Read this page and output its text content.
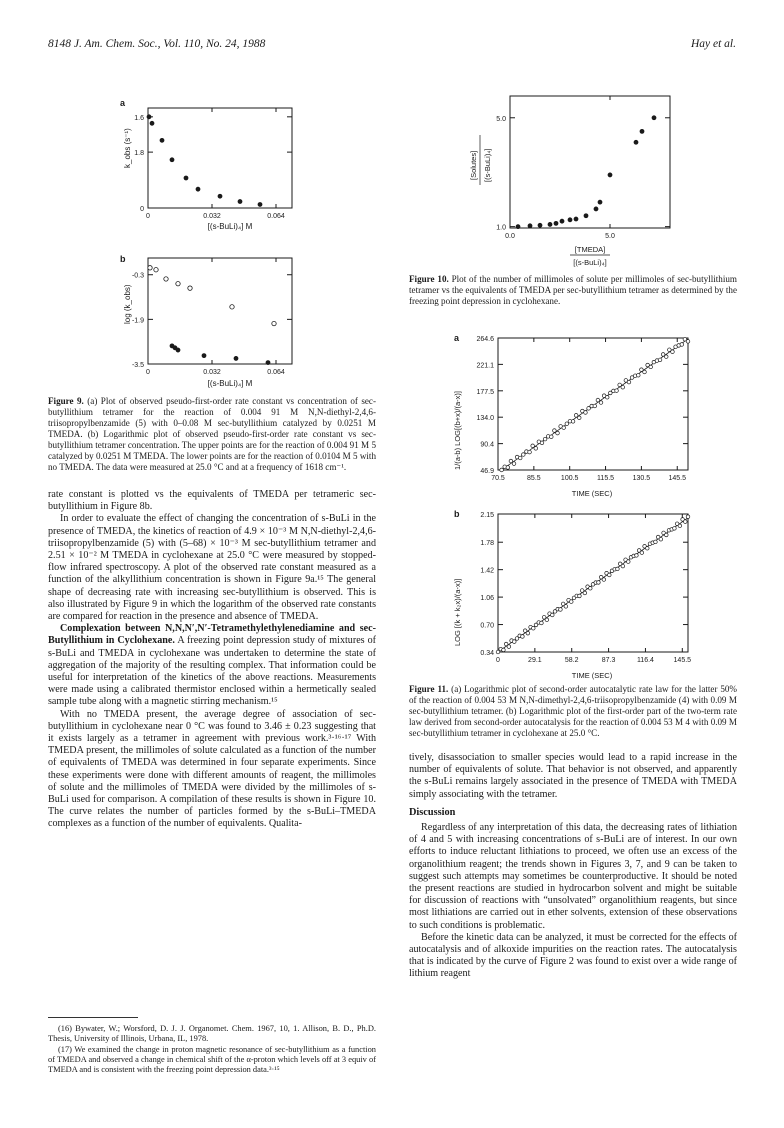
8148 J. Am. Chem. Soc., Vol. 110, No. 24, 1988	Hay et al.
a
k_obs (s⁻¹)
[(s-BuLi)₄] M
0	0.032	0.064
0
1.8
1.6
b
log (k_obs)
[(s-BuLi)₄] M
0	0.032	0.064
-0.3
-1.9
-3.5
Figure 9. (a) Plot of observed pseudo-first-order rate constant vs concentration of sec-butyllithium tetramer for the reaction of 0.004 91 M N,N-diethyl-2,4,6-triisopropylbenzamide (5) with 0–0.08 M sec-butyllithium catalyzed by 0.0251 M TMEDA. (b) Logarithmic plot of observed pseudo-first-order rate constant vs sec-butyllithium tetramer concentration. The upper points are for the reaction of 0.004 91 M 5 catalyzed by 0.0251 M TMEDA. The lower points are for the reaction of 0.0104 M 5 with no TMEDA. The data were measured at 25.0 °C and at a frequency of 1618 cm⁻¹.

rate constant is plotted vs the equivalents of TMEDA per tetrameric sec-butyllithium in Figure 8b.

In order to evaluate the effect of changing the concentration of s-BuLi in the presence of TMEDA, the kinetics of reaction of 4.9 × 10⁻³ M N,N-diethyl-2,4,6-triisopropylbenzamide (5) with (5–68) × 10⁻³ M sec-butyllithium tetramer and 2.51 × 10⁻² M TMEDA in cyclohexane at 25.0 °C were measured by stopped-flow infrared spectroscopy. A plot of the observed rate constant measured as a function of the alkyllithium concentration is shown in Figure 9a.¹⁵ The general shape of decreasing rate with increasing sec-butyllithium is observed. This is also illustrated by Figure 9 in which the logarithm of the observed rate constants are compared for reaction in the presence and absence of TMEDA.

Complexation between N,N,N′,N′-Tetramethylethylenediamine and sec-Butyllithium in Cyclohexane. A freezing point depression study of mixtures of s-BuLi and TMEDA in cyclohexane was undertaken to determine the state of aggregation of the majority of the resulting complex. That information could be useful for interpretation of the kinetics of the above reactions. Measurements were made using a calibrated thermistor enclosed within a hermetically sealed sample tube along with a magnetic stirring mechanism.¹⁵

With no TMEDA present, the average degree of association of sec-butyllithium in cyclohexane near 0 °C was found to 3.46 ± 0.23 suggesting that it exists largely as a tetramer in agreement with previous work.³·¹⁶·¹⁷ With TMEDA present, the millimoles of solute calculated as a function of the number of equivalents of TMEDA was determined in four separate experiments. Since these experiments were done with different amounts of reagent, the millimoles of solute and the millimoles of TMEDA were divided by the millimoles of s-BuLi used for comparison. A compilation of these results is shown in Figure 10. The curve relates the number of particles formed by the s-BuLi–TMEDA complexes as a function of the number of equivalents. Qualita-

(16) Bywater, W.; Worsford, D. J. J. Organomet. Chem. 1967, 10, 1. Allison, B. D., Ph.D. Thesis, University of Illinois, Urbana, IL, 1978.

(17) We examined the change in proton magnetic resonance of sec-butyllithium as a function of TMEDA and observed a change in chemical shift of the α-proton which levels off at 3 equiv of TMEDA and is consistent with the freezing point depression data.³·¹⁵

[Solutes] [(s-BuLi)₄]
[TMEDA]
[(s-BuLi)₄]
0.0	5.0
1.0
5.0
Figure 10. Plot of the number of millimoles of solute per millimoles of sec-butyllithium tetramer vs the equivalents of TMEDA per sec-butyllithium tetramer as determined by the freezing point depression in cyclohexane.
a
1/(a-b) LOG[(b+x)/(a-x)]
TIME (SEC)
70.5	85.5	100.5	115.5	130.5	145.5
46.9
90.4
134.0
177.5
221.1
264.6
b
LOG [(k + k₂x)/(a-x)]
TIME (SEC)
0	29.1	58.2	87.3	116.4	145.5
0.34
0.70
1.06
1.42
1.78
2.15
Figure 11. (a) Logarithmic plot of second-order autocatalytic rate law for the latter 50% of the reaction of 0.004 53 M N,N-dimethyl-2,4,6-triisopropylbenzamide (4) with 0.09 M sec-butyllithium tetramer. (b) Logarithmic plot of the first-order part of the two-term rate law derived from second-order autocatalysis for the reaction of 0.004 53 M 4 with 0.09 M sec-butyllithium tetramer in cyclohexane at 25.0 °C.

tively, disassociation to smaller species would lead to a rapid increase in the number of equivalents of solute. That behavior is not observed, and apparently the s-BuLi remains largely associated in the presence of TMEDA with TMEDA simply associating with the tetramer.

Discussion

Regardless of any interpretation of this data, the decreasing rates of lithiation of 4 and 5 with increasing concentrations of s-BuLi are of interest. In our own efforts to induce reluctant lithiations to proceed, we often use an excess of the organolithium reagent; the trends shown in Figures 3, 7, and 9 can be taken to suggest such attempts may sometimes be counterproductive. It should be noted the present reactions are studied in hydrocarbon solvent and might be suitable for discussion of reactions with “unsolvated” organolithium reagents, but since most lithiations are carried out in ether solvents, extension of these observations to such conditions is problematic.

Before the kinetic data can be analyzed, it must be corrected for the effects of autocatalysis and of alkoxide impurities on the reaction rates. The autocatalysis that is indicated by the curve of Figure 2 was found to exist over a wide range of lithium reagent
